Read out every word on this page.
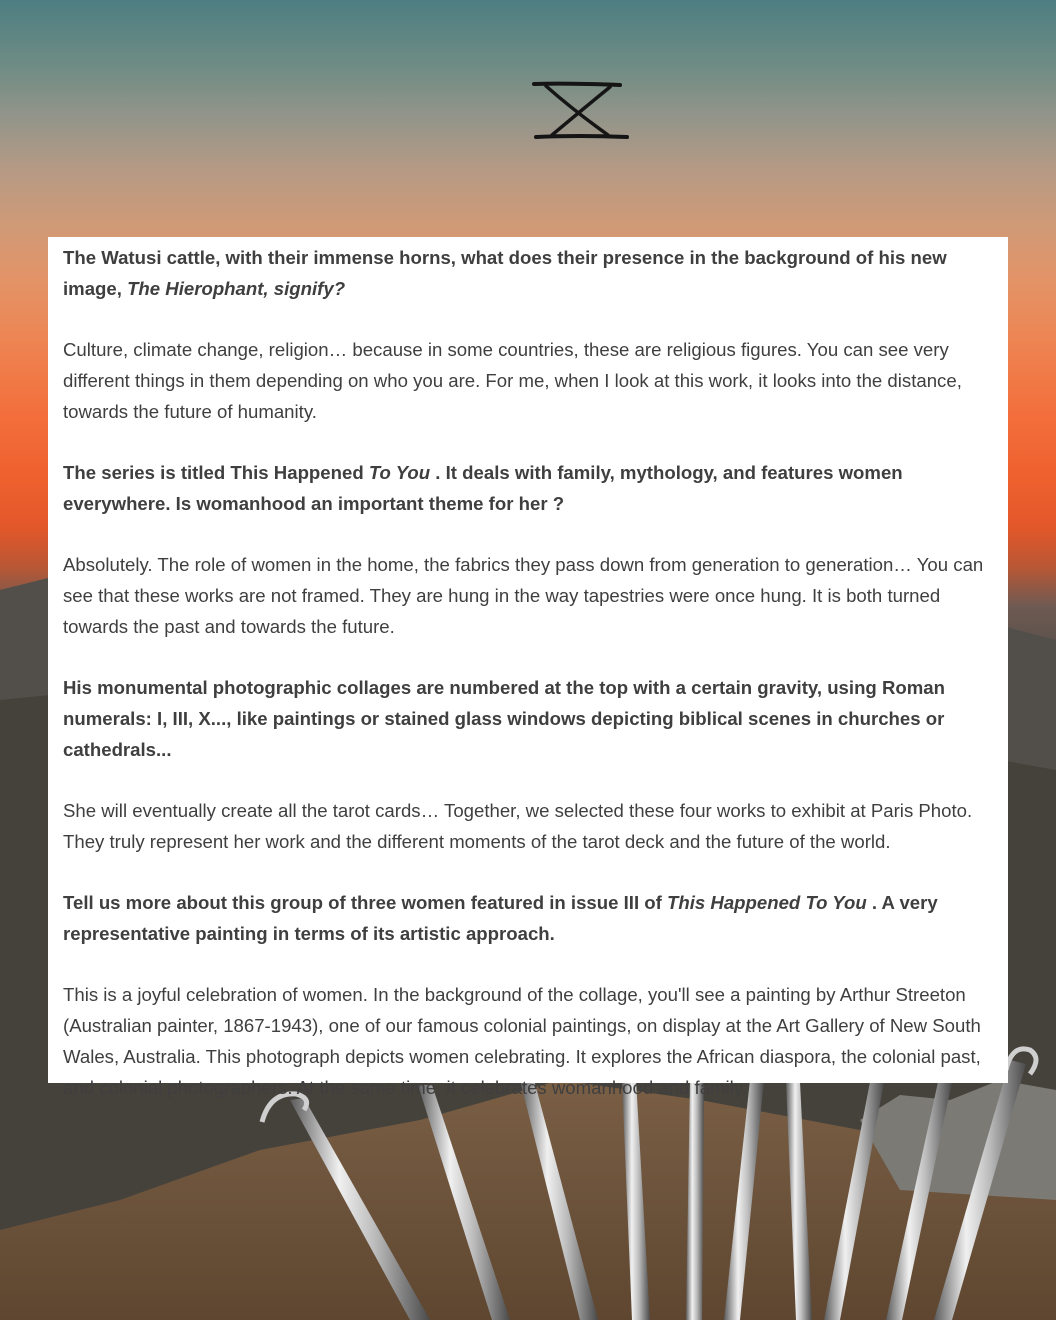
The Watusi cattle, with their immense horns, what does their presence in the background of his new image, The Hierophant, signify?

Culture, climate change, religion… because in some countries, these are religious figures. You can see very different things in them depending on who you are. For me, when I look at this work, it looks into the distance, towards the future of humanity.

The series is titled This Happened To You . It deals with family, mythology, and features women everywhere. Is womanhood an important theme for her ?

Absolutely. The role of women in the home, the fabrics they pass down from generation to generation… You can see that these works are not framed. They are hung in the way tapestries were once hung. It is both turned towards the past and towards the future.

His monumental photographic collages are numbered at the top with a certain gravity, using Roman numerals: I, III, X..., like paintings or stained glass windows depicting biblical scenes in churches or cathedrals...

She will eventually create all the tarot cards… Together, we selected these four works to exhibit at Paris Photo. They truly represent her work and the different moments of the tarot deck and the future of the world.

Tell us more about this group of three women featured in issue III of This Happened To You . A very representative painting in terms of its artistic approach.

This is a joyful celebration of women. In the background of the collage, you'll see a painting by Arthur Streeton (Australian painter, 1867-1943), one of our famous colonial paintings, on display at the Art Gallery of New South Wales, Australia. This photograph depicts women celebrating. It explores the African diaspora, the colonial past, and colonial photographers. At the same time, it celebrates womanhood and family.
